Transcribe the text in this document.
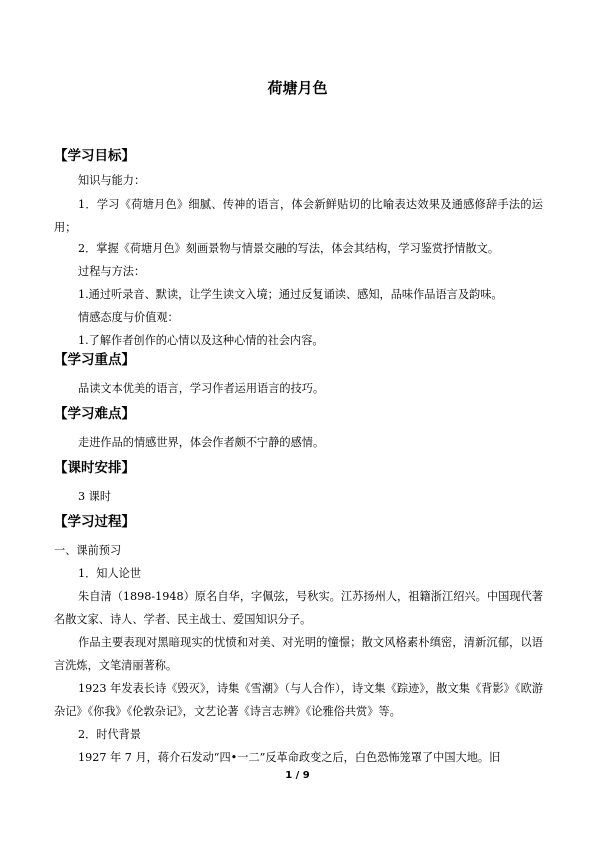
荷塘月色
【学习目标】
知识与能力：
1．学习《荷塘月色》细腻、传神的语言，体会新鲜贴切的比喻表达效果及通感修辞手法的运用；
2．掌握《荷塘月色》刻画景物与情景交融的写法，体会其结构，学习鉴赏抒情散文。
过程与方法：
1.通过听录音、默读，让学生读文入境；通过反复诵读、感知，品味作品语言及韵味。
情感态度与价值观：
1.了解作者创作的心情以及这种心情的社会内容。
【学习重点】
品读文本优美的语言，学习作者运用语言的技巧。
【学习难点】
走进作品的情感世界，体会作者颇不宁静的感情。
【课时安排】
3 课时
【学习过程】
一、课前预习
1．知人论世
朱自清（1898-1948）原名自华，字佩弦，号秋实。江苏扬州人，祖籍浙江绍兴。中国现代著名散文家、诗人、学者、民主战士、爱国知识分子。
作品主要表现对黑暗现实的忧愤和对美、对光明的憧憬；散文风格素朴缜密，清新沉郁，以语言洗炼，文笔清丽著称。
1923 年发表长诗《毁灭》，诗集《雪潮》（与人合作），诗文集《踪迹》，散文集《背影》《欧游杂记》《你我》《伦敦杂记》，文艺论著《诗言志辨》《论雅俗共赏》等。
2．时代背景
1927 年 7 月，蒋介石发动“四•一二”反革命政变之后，白色恐怖笼罩了中国大地。旧
1 / 9
